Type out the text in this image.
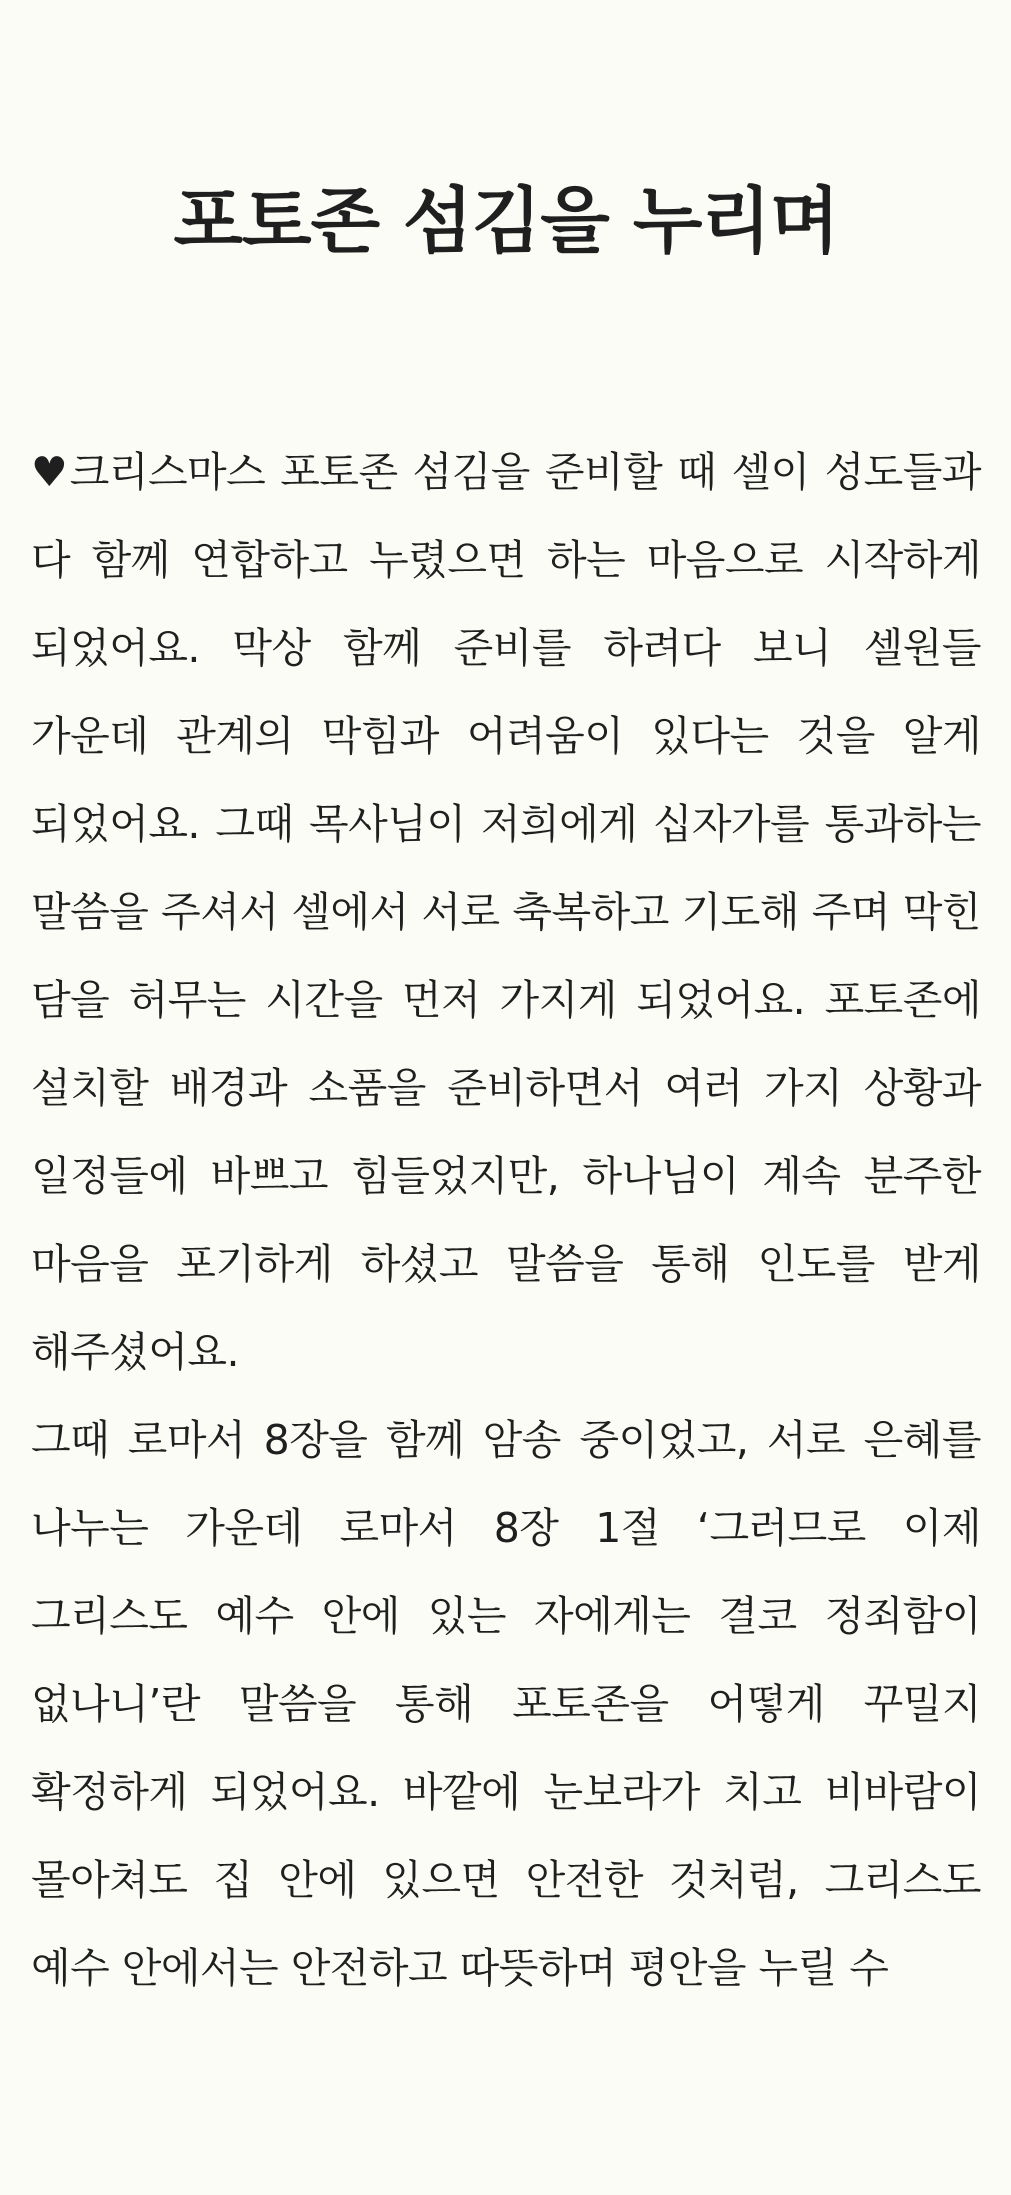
포토존 섬김을 누리며

♥크리스마스 포토존 섬김을 준비할 때 셀이 성도들과 다 함께 연합하고 누렸으면 하는 마음으로 시작하게 되었어요. 막상 함께 준비를 하려다 보니 셀원들 가운데 관계의 막힘과 어려움이 있다는 것을 알게 되었어요. 그때 목사님이 저희에게 십자가를 통과하는 말씀을 주셔서 셀에서 서로 축복하고 기도해 주며 막힌 담을 허무는 시간을 먼저 가지게 되었어요. 포토존에 설치할 배경과 소품을 준비하면서 여러 가지 상황과 일정들에 바쁘고 힘들었지만, 하나님이 계속 분주한 마음을 포기하게 하셨고 말씀을 통해 인도를 받게 해주셨어요.

그때 로마서 8장을 함께 암송 중이었고, 서로 은혜를 나누는 가운데 로마서 8장 1절 ‘그러므로 이제 그리스도 예수 안에 있는 자에게는 결코 정죄함이 없나니’란 말씀을 통해 포토존을 어떻게 꾸밀지 확정하게 되었어요. 바깥에 눈보라가 치고 비바람이 몰아쳐도 집 안에 있으면 안전한 것처럼, 그리스도 예수 안에서는 안전하고 따뜻하며 평안을 누릴 수
